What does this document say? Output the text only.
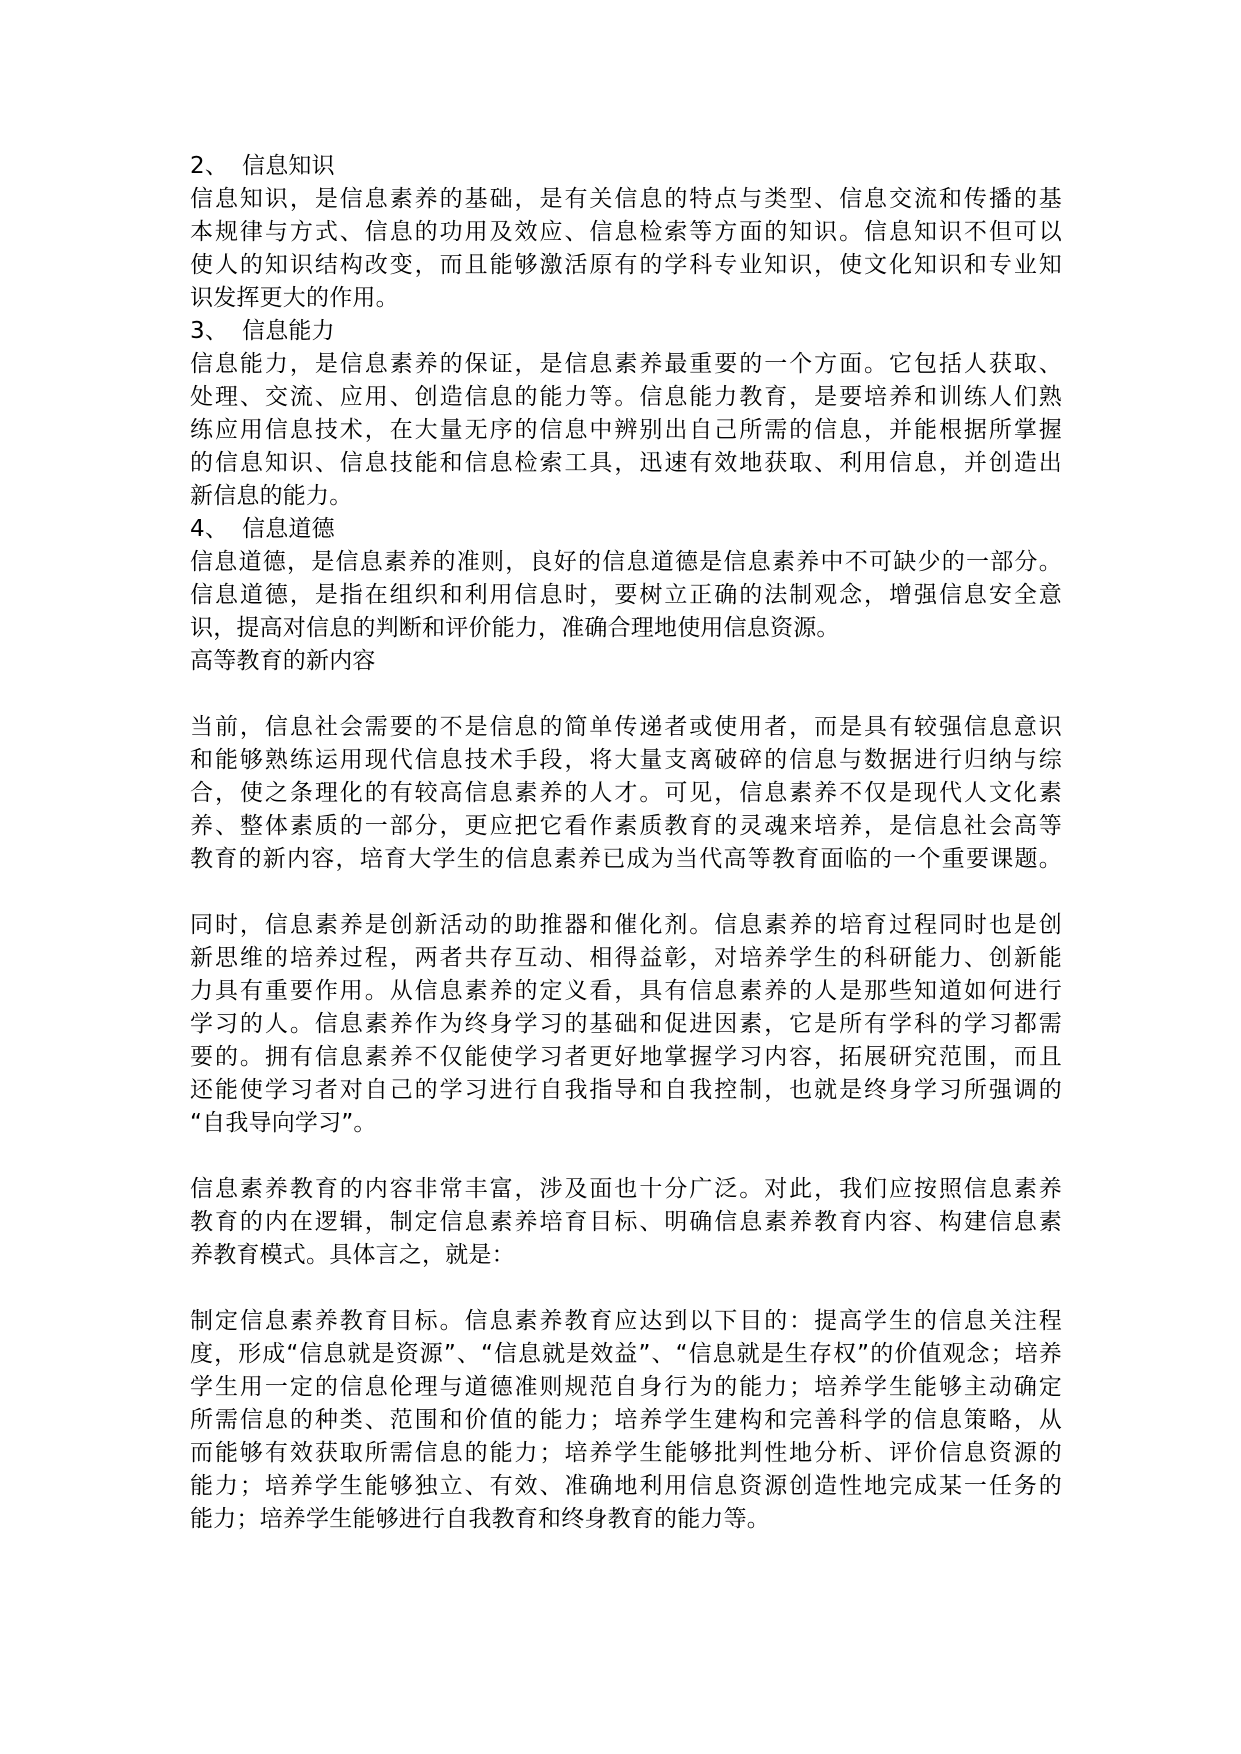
2、 信息知识
信息知识，是信息素养的基础，是有关信息的特点与类型、信息交流和传播的基
本规律与方式、信息的功用及效应、信息检索等方面的知识。信息知识不但可以
使人的知识结构改变，而且能够激活原有的学科专业知识，使文化知识和专业知
识发挥更大的作用。
3、 信息能力
信息能力，是信息素养的保证，是信息素养最重要的一个方面。它包括人获取、
处理、交流、应用、创造信息的能力等。信息能力教育，是要培养和训练人们熟
练应用信息技术，在大量无序的信息中辨别出自己所需的信息，并能根据所掌握
的信息知识、信息技能和信息检索工具，迅速有效地获取、利用信息，并创造出
新信息的能力。
4、 信息道德
信息道德，是信息素养的准则，良好的信息道德是信息素养中不可缺少的一部分。
信息道德，是指在组织和利用信息时，要树立正确的法制观念，增强信息安全意
识，提高对信息的判断和评价能力，准确合理地使用信息资源。
高等教育的新内容
当前，信息社会需要的不是信息的简单传递者或使用者，而是具有较强信息意识
和能够熟练运用现代信息技术手段，将大量支离破碎的信息与数据进行归纳与综
合，使之条理化的有较高信息素养的人才。可见，信息素养不仅是现代人文化素
养、整体素质的一部分，更应把它看作素质教育的灵魂来培养，是信息社会高等
教育的新内容，培育大学生的信息素养已成为当代高等教育面临的一个重要课题。
同时，信息素养是创新活动的助推器和催化剂。信息素养的培育过程同时也是创
新思维的培养过程，两者共存互动、相得益彰，对培养学生的科研能力、创新能
力具有重要作用。从信息素养的定义看，具有信息素养的人是那些知道如何进行
学习的人。信息素养作为终身学习的基础和促进因素，它是所有学科的学习都需
要的。拥有信息素养不仅能使学习者更好地掌握学习内容，拓展研究范围，而且
还能使学习者对自己的学习进行自我指导和自我控制，也就是终身学习所强调的
“自我导向学习”。
信息素养教育的内容非常丰富，涉及面也十分广泛。对此，我们应按照信息素养
教育的内在逻辑，制定信息素养培育目标、明确信息素养教育内容、构建信息素
养教育模式。具体言之，就是：
制定信息素养教育目标。信息素养教育应达到以下目的：提高学生的信息关注程
度，形成“信息就是资源”、“信息就是效益”、“信息就是生存权”的价值观念；培养
学生用一定的信息伦理与道德准则规范自身行为的能力；培养学生能够主动确定
所需信息的种类、范围和价值的能力；培养学生建构和完善科学的信息策略，从
而能够有效获取所需信息的能力；培养学生能够批判性地分析、评价信息资源的
能力；培养学生能够独立、有效、准确地利用信息资源创造性地完成某一任务的
能力；培养学生能够进行自我教育和终身教育的能力等。
